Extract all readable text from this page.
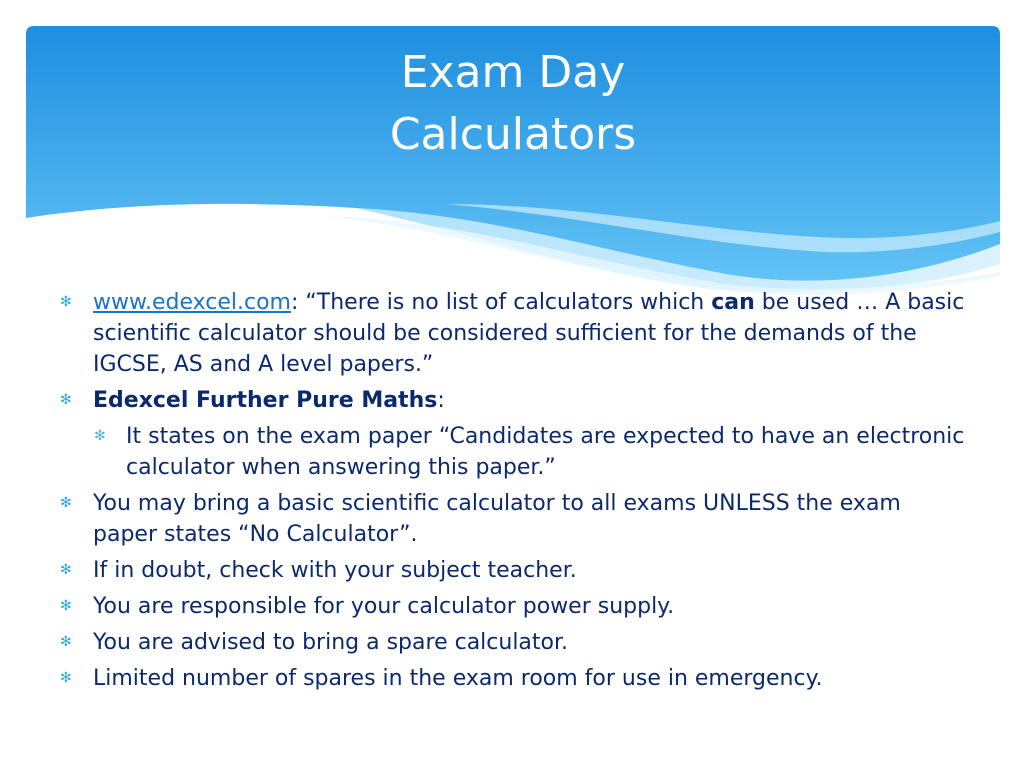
Exam Day
Calculators
✻ www.edexcel.com: “There is no list of calculators which can be used … A basic scientific calculator should be considered sufficient for the demands of the IGCSE, AS and A level papers.”
✻ Edexcel Further Pure Maths:
✻ It states on the exam paper “Candidates are expected to have an electronic calculator when answering this paper.”
✻ You may bring a basic scientific calculator to all exams UNLESS the exam paper states “No Calculator”.
✻ If in doubt, check with your subject teacher.
✻ You are responsible for your calculator power supply.
✻ You are advised to bring a spare calculator.
✻ Limited number of spares in the exam room for use in emergency.
